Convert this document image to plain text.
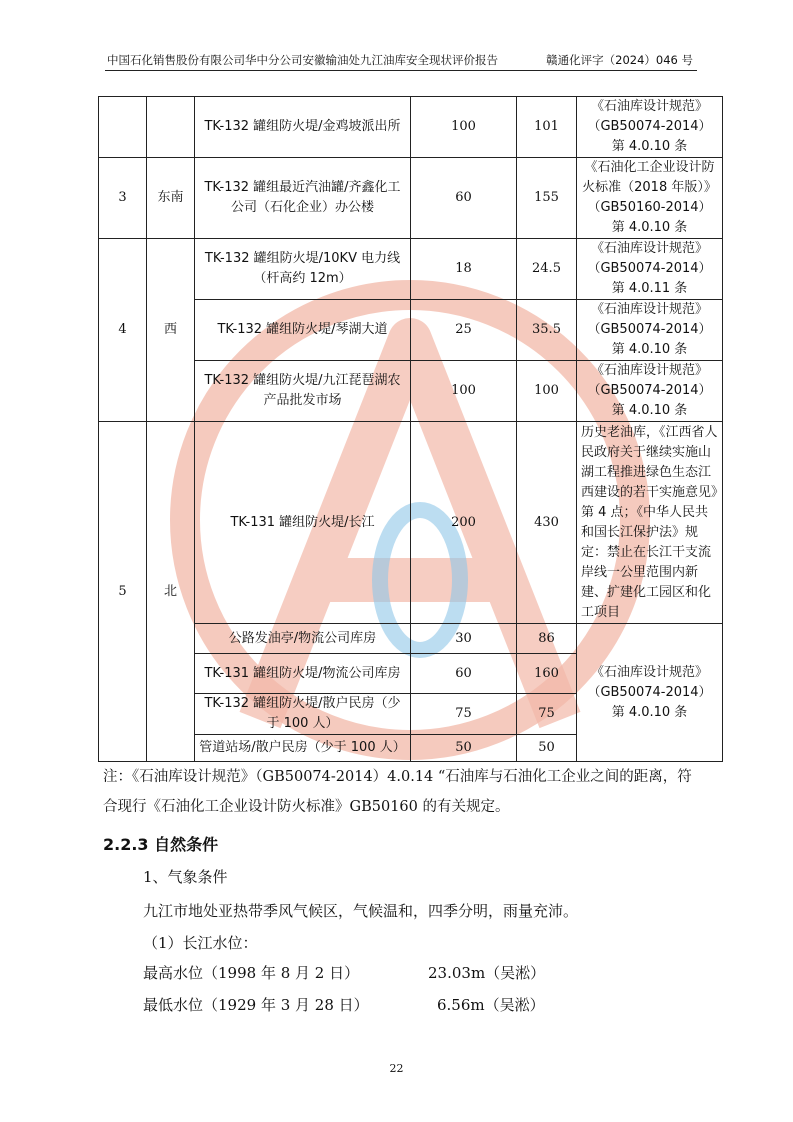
中国石化销售股份有限公司华中分公司安徽输油处九江油库安全现状评价报告	赣通化评字（2024）046 号
		TK-132 罐组防火堤/金鸡坡派出所	100	101	《石油库设计规范》（GB50074-2014）第 4.0.10 条
3	东南	TK-132 罐组最近汽油罐/齐鑫化工公司（石化企业）办公楼	60	155	《石油化工企业设计防火标准（2018 年版）》（GB50160-2014）第 4.0.10 条
4	西	TK-132 罐组防火堤/10KV 电力线（杆高约 12m）	18	24.5	《石油库设计规范》（GB50074-2014）第 4.0.11 条
		TK-132 罐组防火堤/琴湖大道	25	35.5	《石油库设计规范》（GB50074-2014）第 4.0.10 条
		TK-132 罐组防火堤/九江琵琶湖农产品批发市场	100	100	《石油库设计规范》（GB50074-2014）第 4.0.10 条
5	北	TK-131 罐组防火堤/长江	200	430	历史老油库，《江西省人民政府关于继续实施山湖工程推进绿色生态江西建设的若干实施意见》第 4 点；《中华人民共和国长江保护法》规定：禁止在长江干支流岸线一公里范围内新建、扩建化工园区和化工项目
		公路发油亭/物流公司库房	30	86	《石油库设计规范》（GB50074-2014）第 4.0.10 条
		TK-131 罐组防火堤/物流公司库房	60	160	
		TK-132 罐组防火堤/散户民房（少于 100 人）	75	75	
		管道站场/散户民房（少于 100 人）	50	50	
注：《石油库设计规范》（GB50074-2014）4.0.14 “石油库与石油化工企业之间的距离，符合现行《石油化工企业设计防火标准》GB50160 的有关规定。
2.2.3 自然条件
1、气象条件
九江市地处亚热带季风气候区，气候温和，四季分明，雨量充沛。
（1）长江水位：
最高水位（1998 年 8 月 2 日）	23.03m（吴淞）
最低水位（1929 年 3 月 28 日）	6.56m（吴淞）
22
